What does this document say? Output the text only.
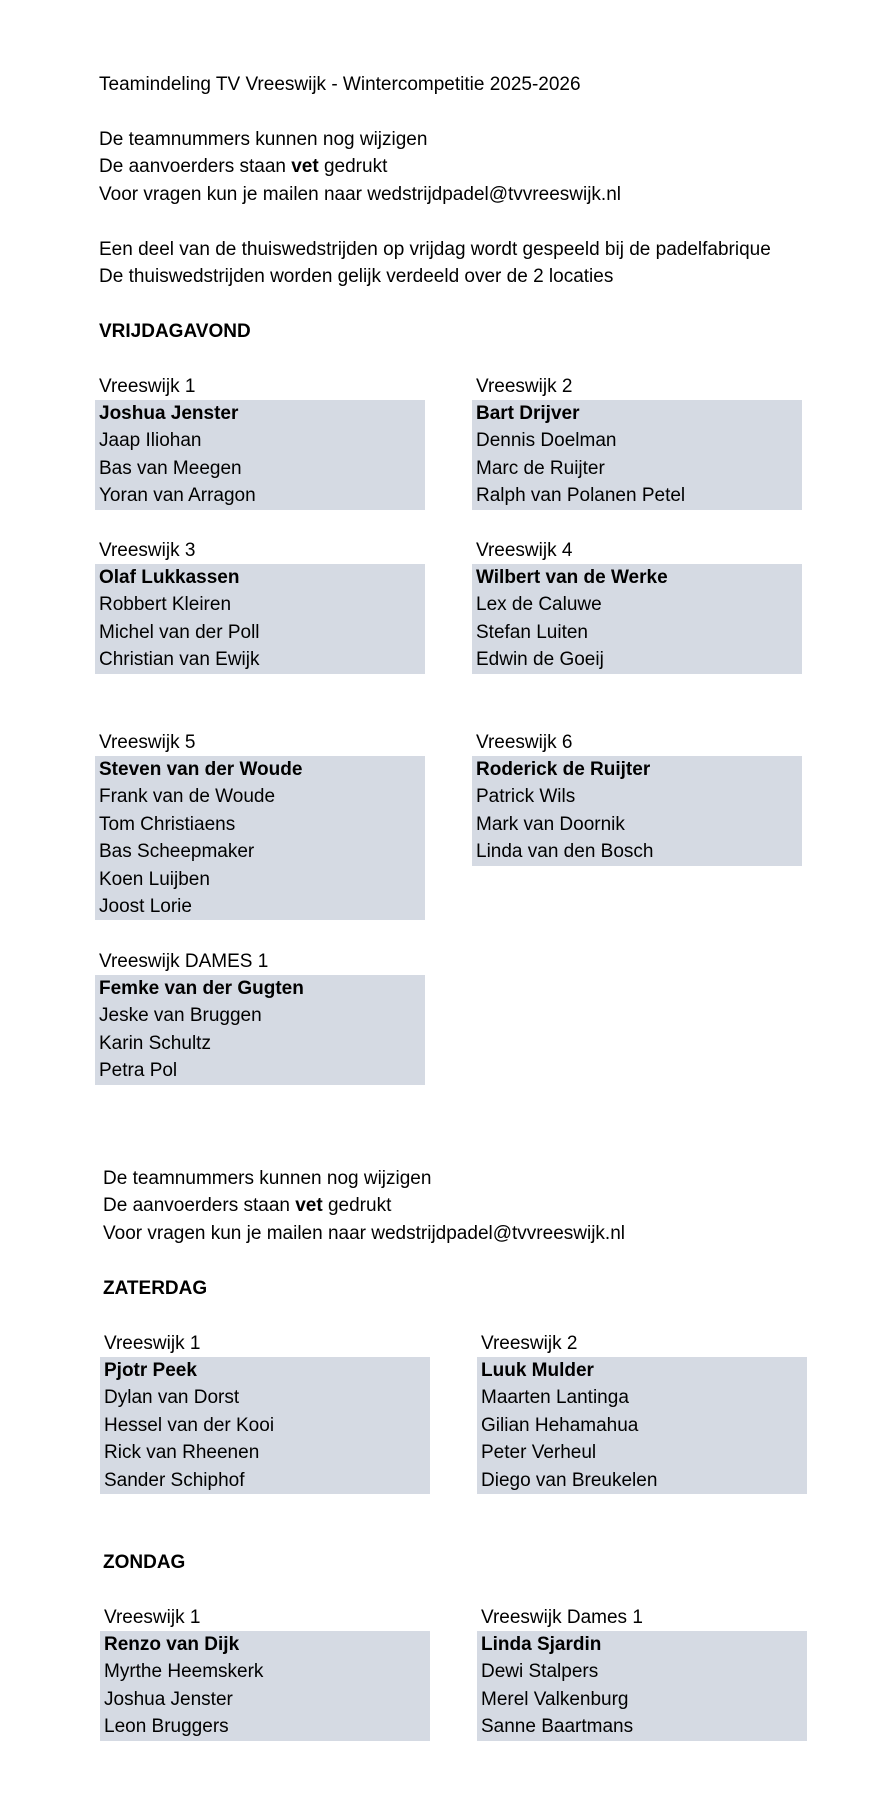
Teamindeling TV Vreeswijk - Wintercompetitie 2025-2026
De teamnummers kunnen nog wijzigen
De aanvoerders staan vet gedrukt
Voor vragen kun je mailen naar wedstrijdpadel@tvvreeswijk.nl
Een deel van de thuiswedstrijden op vrijdag wordt gespeeld bij de padelfabrique
De thuiswedstrijden worden gelijk verdeeld over de 2 locaties
VRIJDAGAVOND
Vreeswijk 1
Joshua Jenster
Jaap Iliohan
Bas van Meegen
Yoran van Arragon
Vreeswijk 2
Bart Drijver
Dennis Doelman
Marc de Ruijter
Ralph van Polanen Petel
Vreeswijk 3
Olaf Lukkassen
Robbert Kleiren
Michel van der Poll
Christian van Ewijk
Vreeswijk 4
Wilbert van de Werke
Lex de Caluwe
Stefan Luiten
Edwin de Goeij
Vreeswijk 5
Steven van der Woude
Frank van de Woude
Tom Christiaens
Bas Scheepmaker
Koen Luijben
Joost Lorie
Vreeswijk 6
Roderick de Ruijter
Patrick Wils
Mark van Doornik
Linda van den Bosch
Vreeswijk DAMES 1
Femke van der Gugten
Jeske van Bruggen
Karin Schultz
Petra Pol
De teamnummers kunnen nog wijzigen
De aanvoerders staan vet gedrukt
Voor vragen kun je mailen naar wedstrijdpadel@tvvreeswijk.nl
ZATERDAG
Vreeswijk 1
Pjotr Peek
Dylan van Dorst
Hessel van der Kooi
Rick van Rheenen
Sander Schiphof
Vreeswijk 2
Luuk Mulder
Maarten Lantinga
Gilian Hehamahua
Peter Verheul
Diego van Breukelen
ZONDAG
Vreeswijk 1
Renzo van Dijk
Myrthe Heemskerk
Joshua Jenster
Leon Bruggers
Vreeswijk Dames 1
Linda Sjardin
Dewi Stalpers
Merel Valkenburg
Sanne Baartmans
